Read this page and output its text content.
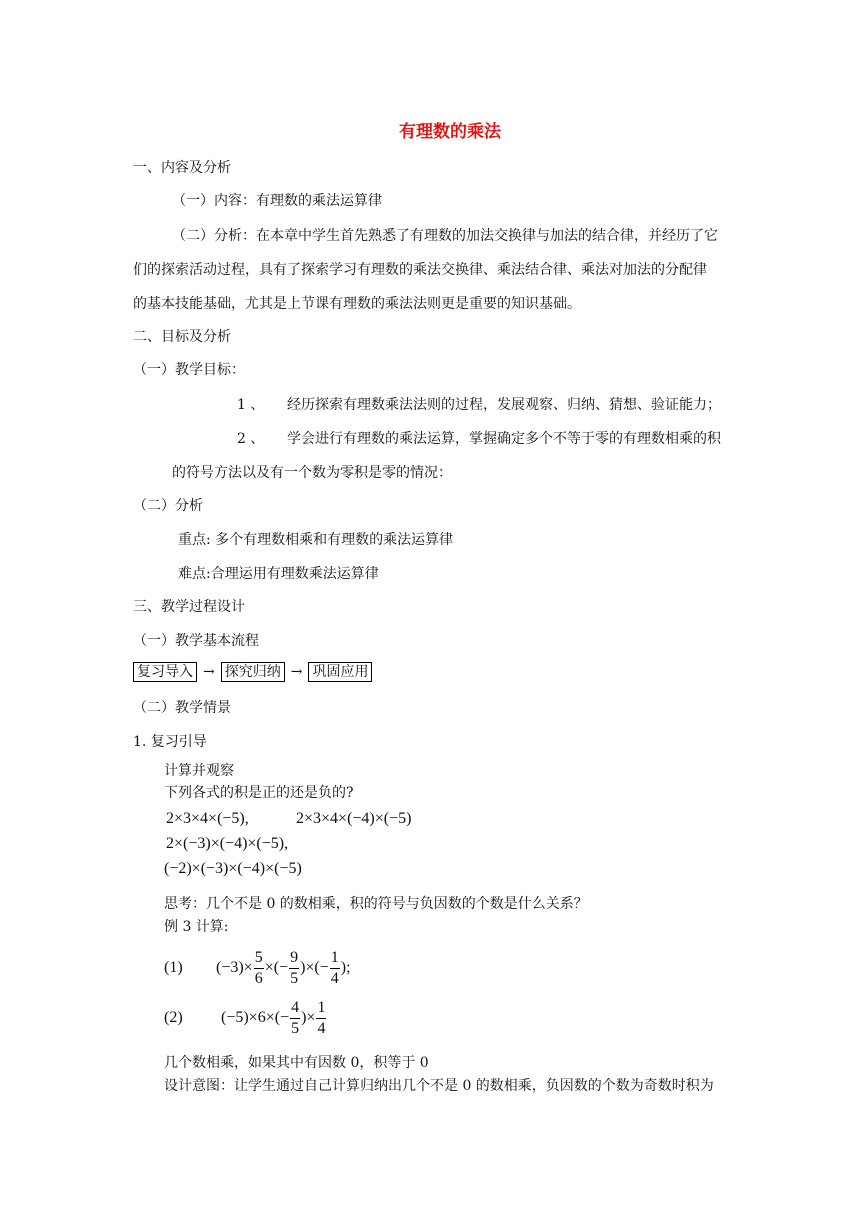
有理数的乘法
一、内容及分析
（一）内容：有理数的乘法运算律
（二）分析：在本章中学生首先熟悉了有理数的加法交换律与加法的结合律，并经历了它
们的探索活动过程，具有了探索学习有理数的乘法交换律、乘法结合律、乘法对加法的分配律
的基本技能基础，尤其是上节课有理数的乘法法则更是重要的知识基础。
二、目标及分析
（一）教学目标：
1 、 经历探索有理数乘法法则的过程，发展观察、归纳、猜想、验证能力；
2 、 学会进行有理数的乘法运算，掌握确定多个不等于零的有理数相乘的积
的符号方法以及有一个数为零积是零的情况：
（二）分析
重点: 多个有理数相乘和有理数的乘法运算律
难点:合理运用有理数乘法运算律
三、教学过程设计
（一）教学基本流程
复习导入 → 探究归纳 → 巩固应用
（二）教学情景
1. 复习引导
计算并观察
下列各式的积是正的还是负的?
2×3×4×(−5),	2×3×4×(−4)×(−5)
2×(−3)×(−4)×(−5),
(−2)×(−3)×(−4)×(−5)
思考：几个不是 0 的数相乘，积的符号与负因数的个数是什么关系？
例 3 计算:
(1) $(-3)\times \frac{5}{6}$ ×(− $\frac{9}{5}$ )×(− $\frac{1}{4}$ );
(2) $(-5)\times 6\times(- \frac{4}{5}$ )× $\frac{1}{4}$
几个数相乘，如果其中有因数 0，积等于 0
设计意图：让学生通过自己计算归纳出几个不是 0 的数相乘，负因数的个数为奇数时积为
